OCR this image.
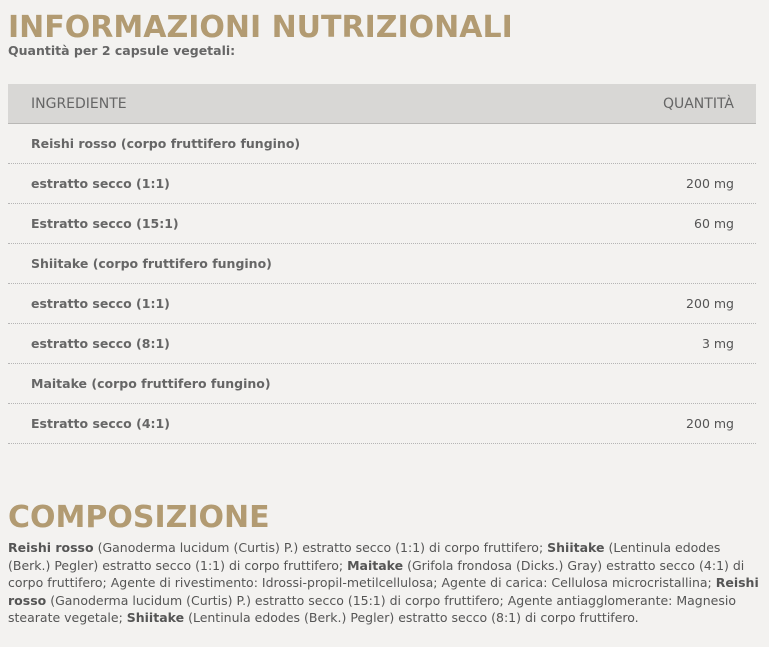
INFORMAZIONI NUTRIZIONALI
Quantità per 2 capsule vegetali:
INGREDIENTE	QUANTITÀ
Reishi rosso (corpo fruttifero fungino)
estratto secco (1:1)	200 mg
Estratto secco (15:1)	60 mg
Shiitake (corpo fruttifero fungino)
estratto secco (1:1)	200 mg
estratto secco (8:1)	3 mg
Maitake (corpo fruttifero fungino)
Estratto secco (4:1)	200 mg
COMPOSIZIONE
Reishi rosso (Ganoderma lucidum (Curtis) P.) estratto secco (1:1) di corpo fruttifero; Shiitake (Lentinula edodes (Berk.) Pegler) estratto secco (1:1) di corpo fruttifero; Maitake (Grifola frondosa (Dicks.) Gray) estratto secco (4:1) di corpo fruttifero; Agente di rivestimento: Idrossi-propil-metilcellulosa; Agente di carica: Cellulosa microcristallina; Reishi rosso (Ganoderma lucidum (Curtis) P.) estratto secco (15:1) di corpo fruttifero; Agente antiagglomerante: Magnesio stearate vegetale; Shiitake (Lentinula edodes (Berk.) Pegler) estratto secco (8:1) di corpo fruttifero.
